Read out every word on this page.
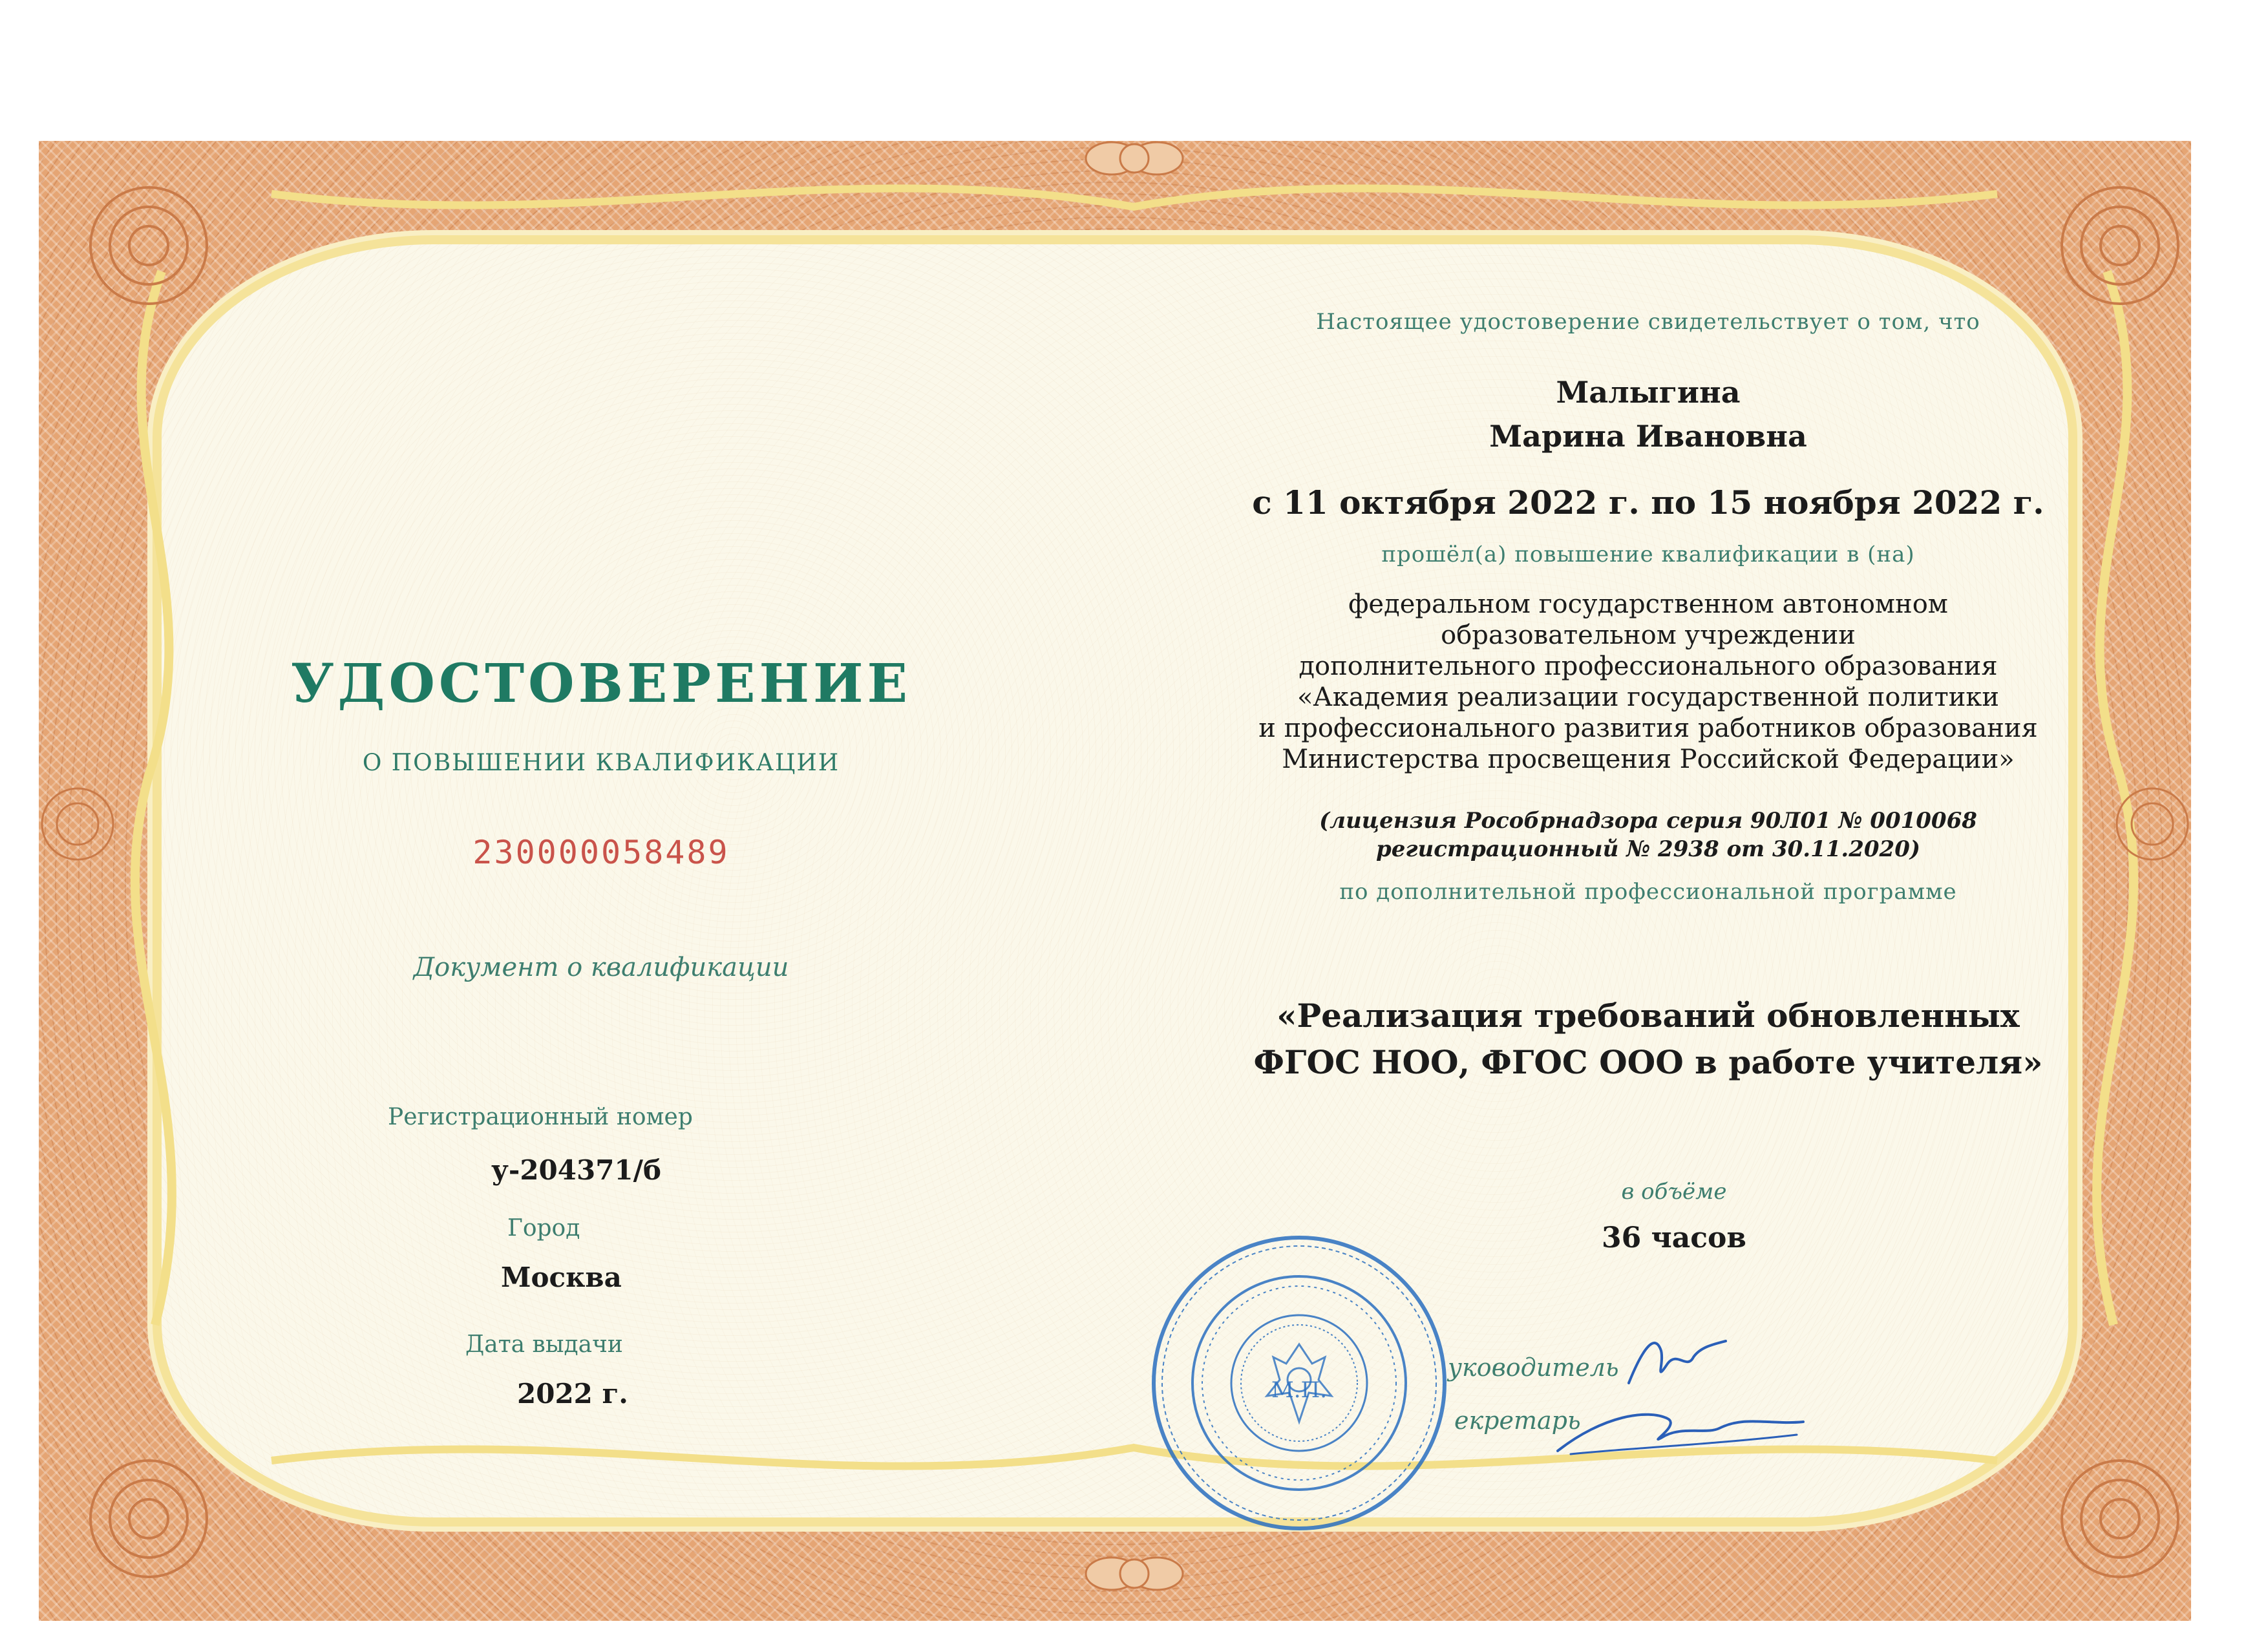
УДОСТОВЕРЕНИЕ
О ПОВЫШЕНИИ КВАЛИФИКАЦИИ
230000058489
Документ о квалификации
Регистрационный номер
у-204371/б
Город
Москва
Дата выдачи
2022 г.
Настоящее удостоверение свидетельствует о том, что
Малыгина
Марина Ивановна
с 11 октября 2022 г. по 15 ноября 2022 г.
прошёл(а) повышение квалификации в (на)
федеральном государственном автономном
образовательном учреждении
дополнительного профессионального образования
«Академия реализации государственной политики
и профессионального развития работников образования
Министерства просвещения Российской Федерации»
(лицензия Рособрнадзора серия 90Л01 № 0010068
регистрационный № 2938 от 30.11.2020)
по дополнительной профессиональной программе
«Реализация требований обновленных
ФГОС НОО, ФГОС ООО в работе учителя»
в объёме
36 часов
уководитель
екретарь
М.П.
